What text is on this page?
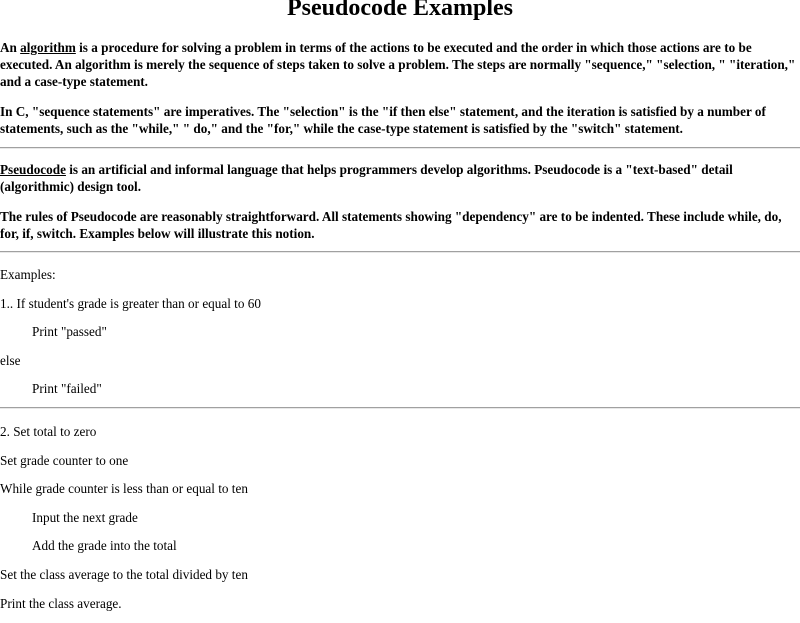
Pseudocode Examples

An algorithm is a procedure for solving a problem in terms of the actions to be executed and the order in which those actions are to be executed. An algorithm is merely the sequence of steps taken to solve a problem. The steps are normally "sequence," "selection, " "iteration," and a case-type statement.

In C, "sequence statements" are imperatives. The "selection" is the "if then else" statement, and the iteration is satisfied by a number of statements, such as the "while," " do," and the "for," while the case-type statement is satisfied by the "switch" statement.

Pseudocode is an artificial and informal language that helps programmers develop algorithms. Pseudocode is a "text-based" detail (algorithmic) design tool.

The rules of Pseudocode are reasonably straightforward. All statements showing "dependency" are to be indented. These include while, do, for, if, switch. Examples below will illustrate this notion.

Examples:
1.. If student's grade is greater than or equal to 60
Print "passed"
else
Print "failed"
2. Set total to zero
Set grade counter to one
While grade counter is less than or equal to ten
Input the next grade
Add the grade into the total
Set the class average to the total divided by ten
Print the class average.
